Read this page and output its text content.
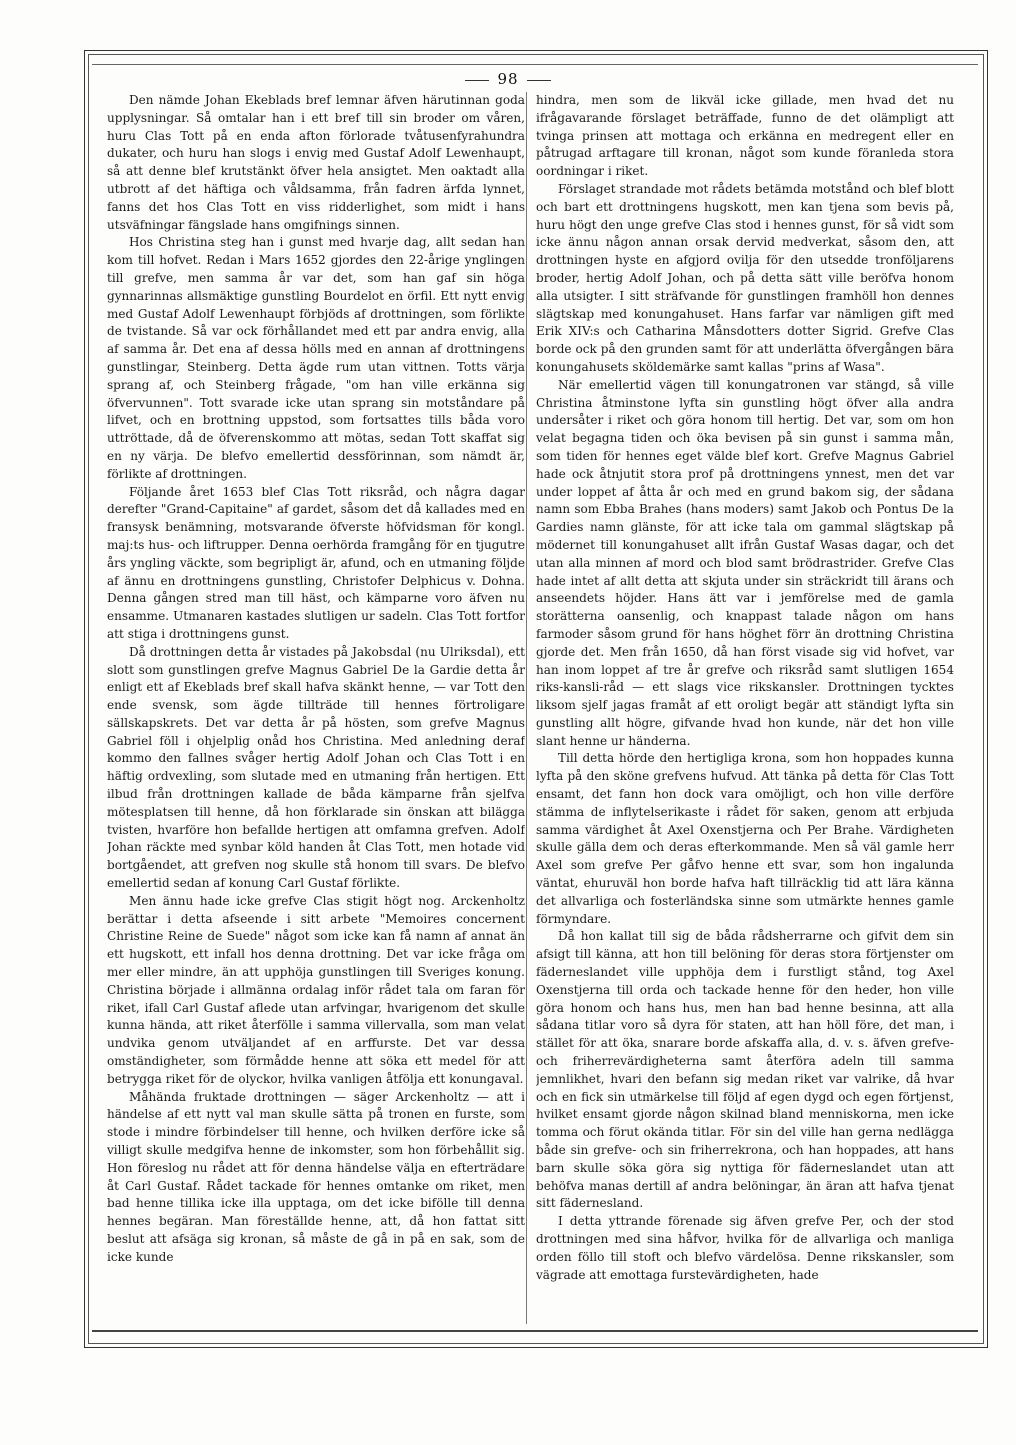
98

Den nämde Johan Ekeblads bref lemnar äfven härutinnan goda upplysningar. Så omtalar han i ett bref till sin broder om våren, huru Clas Tott på en enda afton förlorade tvåtusenfyrahundra dukater, och huru han slogs i envig med Gustaf Adolf Lewenhaupt, så att denne blef krutstänkt öfver hela ansigtet. Men oaktadt alla utbrott af det häftiga och våldsamma, från fadren ärfda lynnet, fanns det hos Clas Tott en viss ridderlighet, som midt i hans utsväfningar fängslade hans omgifnings sinnen.

Hos Christina steg han i gunst med hvarje dag, allt sedan han kom till hofvet. Redan i Mars 1652 gjordes den 22-årige ynglingen till grefve, men samma år var det, som han gaf sin höga gynnarinnas allsmäktige gunstling Bourdelot en örfil. Ett nytt envig med Gustaf Adolf Lewenhaupt förbjöds af drottningen, som förlikte de tvistande. Så var ock förhållandet med ett par andra envig, alla af samma år. Det ena af dessa hölls med en annan af drottningens gunstlingar, Steinberg. Detta ägde rum utan vittnen. Totts värja sprang af, och Steinberg frågade, "om han ville erkänna sig öfvervunnen". Tott svarade icke utan sprang sin motståndare på lifvet, och en brottning uppstod, som fortsattes tills båda voro uttröttade, då de öfverenskommo att mötas, sedan Tott skaffat sig en ny värja. De blefvo emellertid dessförinnan, som nämdt är, förlikte af drottningen.

Följande året 1653 blef Clas Tott riksråd, och några dagar derefter "Grand-Capitaine" af gardet, såsom det då kallades med en fransysk benämning, motsvarande öfverste höfvidsman för kongl. maj:ts hus- och liftrupper. Denna oerhörda framgång för en tjugutre års yngling väckte, som begripligt är, afund, och en utmaning följde af ännu en drottningens gunstling, Christofer Delphicus v. Dohna. Denna gången stred man till häst, och kämparne voro äfven nu ensamme. Utmanaren kastades slutligen ur sadeln. Clas Tott fortfor att stiga i drottningens gunst.

Då drottningen detta år vistades på Jakobsdal (nu Ulriksdal), ett slott som gunstlingen grefve Magnus Gabriel De la Gardie detta år enligt ett af Ekeblads bref skall hafva skänkt henne, — var Tott den ende svensk, som ägde tillträde till hennes förtroligare sällskapskrets. Det var detta år på hösten, som grefve Magnus Gabriel föll i ohjelplig onåd hos Christina. Med anledning deraf kommo den fallnes svåger hertig Adolf Johan och Clas Tott i en häftig ordvexling, som slutade med en utmaning från hertigen. Ett ilbud från drottningen kallade de båda kämparne från sjelfva mötesplatsen till henne, då hon förklarade sin önskan att bilägga tvisten, hvarföre hon befallde hertigen att omfamna grefven. Adolf Johan räckte med synbar köld handen åt Clas Tott, men hotade vid bortgåendet, att grefven nog skulle stå honom till svars. De blefvo emellertid sedan af konung Carl Gustaf förlikte.

Men ännu hade icke grefve Clas stigit högt nog. Arckenholtz berättar i detta afseende i sitt arbete "Memoires concernent Christine Reine de Suede" något som icke kan få namn af annat än ett hugskott, ett infall hos denna drottning. Det var icke fråga om mer eller mindre, än att upphöja gunstlingen till Sveriges konung. Christina började i allmänna ordalag inför rådet tala om faran för riket, ifall Carl Gustaf aflede utan arfvingar, hvarigenom det skulle kunna hända, att riket återfölle i samma villervalla, som man velat undvika genom utväljandet af en arffurste. Det var dessa omständigheter, som förmådde henne att söka ett medel för att betrygga riket för de olyckor, hvilka vanligen åtfölja ett konungaval.

Måhända fruktade drottningen — säger Arckenholtz — att i händelse af ett nytt val man skulle sätta på tronen en furste, som stode i mindre förbindelser till henne, och hvilken derföre icke så villigt skulle medgifva henne de inkomster, som hon förbehållit sig. Hon föreslog nu rådet att för denna händelse välja en efterträdare åt Carl Gustaf. Rådet tackade för hennes omtanke om riket, men bad henne tillika icke illa upptaga, om det icke bifölle till denna hennes begäran. Man föreställde henne, att, då hon fattat sitt beslut att afsäga sig kronan, så måste de gå in på en sak, som de icke kunde

hindra, men som de likväl icke gillade, men hvad det nu ifrågavarande förslaget beträffade, funno de det olämpligt att tvinga prinsen att mottaga och erkänna en medregent eller en påtrugad arftagare till kronan, något som kunde föranleda stora oordningar i riket.

Förslaget strandade mot rådets betämda motstånd och blef blott och bart ett drottningens hugskott, men kan tjena som bevis på, huru högt den unge grefve Clas stod i hennes gunst, för så vidt som icke ännu någon annan orsak dervid medverkat, såsom den, att drottningen hyste en afgjord ovilja för den utsedde tronföljarens broder, hertig Adolf Johan, och på detta sätt ville beröfva honom alla utsigter. I sitt sträfvande för gunstlingen framhöll hon dennes slägtskap med konungahuset. Hans farfar var nämligen gift med Erik XIV:s och Catharina Månsdotters dotter Sigrid. Grefve Clas borde ock på den grunden samt för att underlätta öfvergången bära konungahusets sköldemärke samt kallas "prins af Wasa".

När emellertid vägen till konungatronen var stängd, så ville Christina åtminstone lyfta sin gunstling högt öfver alla andra undersåter i riket och göra honom till hertig. Det var, som om hon velat begagna tiden och öka bevisen på sin gunst i samma mån, som tiden för hennes eget välde blef kort. Grefve Magnus Gabriel hade ock åtnjutit stora prof på drottningens ynnest, men det var under loppet af åtta år och med en grund bakom sig, der sådana namn som Ebba Brahes (hans moders) samt Jakob och Pontus De la Gardies namn glänste, för att icke tala om gammal slägtskap på mödernet till konungahuset allt ifrån Gustaf Wasas dagar, och det utan alla minnen af mord och blod samt brödrastrider. Grefve Clas hade intet af allt detta att skjuta under sin sträckridt till ärans och anseendets höjder. Hans ätt var i jemförelse med de gamla storätterna oansenlig, och knappast talade någon om hans farmoder såsom grund för hans höghet förr än drottning Christina gjorde det. Men från 1650, då han först visade sig vid hofvet, var han inom loppet af tre år grefve och riksråd samt slutligen 1654 riks-kansli-råd — ett slags vice rikskansler. Drottningen tycktes liksom sjelf jagas framåt af ett oroligt begär att ständigt lyfta sin gunstling allt högre, gifvande hvad hon kunde, när det hon ville slant henne ur händerna.

Till detta hörde den hertigliga krona, som hon hoppades kunna lyfta på den sköne grefvens hufvud. Att tänka på detta för Clas Tott ensamt, det fann hon dock vara omöjligt, och hon ville derföre stämma de inflytelserikaste i rådet för saken, genom att erbjuda samma värdighet åt Axel Oxenstjerna och Per Brahe. Värdigheten skulle gälla dem och deras efterkommande. Men så väl gamle herr Axel som grefve Per gåfvo henne ett svar, som hon ingalunda väntat, ehuruväl hon borde hafva haft tillräcklig tid att lära känna det allvarliga och fosterländska sinne som utmärkte hennes gamle förmyndare.

Då hon kallat till sig de båda rådsherrarne och gifvit dem sin afsigt till känna, att hon till belöning för deras stora förtjenster om fäderneslandet ville upphöja dem i furstligt stånd, tog Axel Oxenstjerna till orda och tackade henne för den heder, hon ville göra honom och hans hus, men han bad henne besinna, att alla sådana titlar voro så dyra för staten, att han höll före, det man, i stället för att öka, snarare borde afskaffa alla, d. v. s. äfven grefve- och friherrevärdigheterna samt återföra adeln till samma jemnlikhet, hvari den befann sig medan riket var valrike, då hvar och en fick sin utmärkelse till följd af egen dygd och egen förtjenst, hvilket ensamt gjorde någon skilnad bland menniskorna, men icke tomma och förut okända titlar. För sin del ville han gerna nedlägga både sin grefve- och sin friherrekrona, och han hoppades, att hans barn skulle söka göra sig nyttiga för fäderneslandet utan att behöfva manas dertill af andra belöningar, än äran att hafva tjenat sitt fädernesland.

I detta yttrande förenade sig äfven grefve Per, och der stod drottningen med sina håfvor, hvilka för de allvarliga och manliga orden föllo till stoft och blefvo värdelösa. Denne rikskansler, som vägrade att emottaga furstevärdigheten, hade
